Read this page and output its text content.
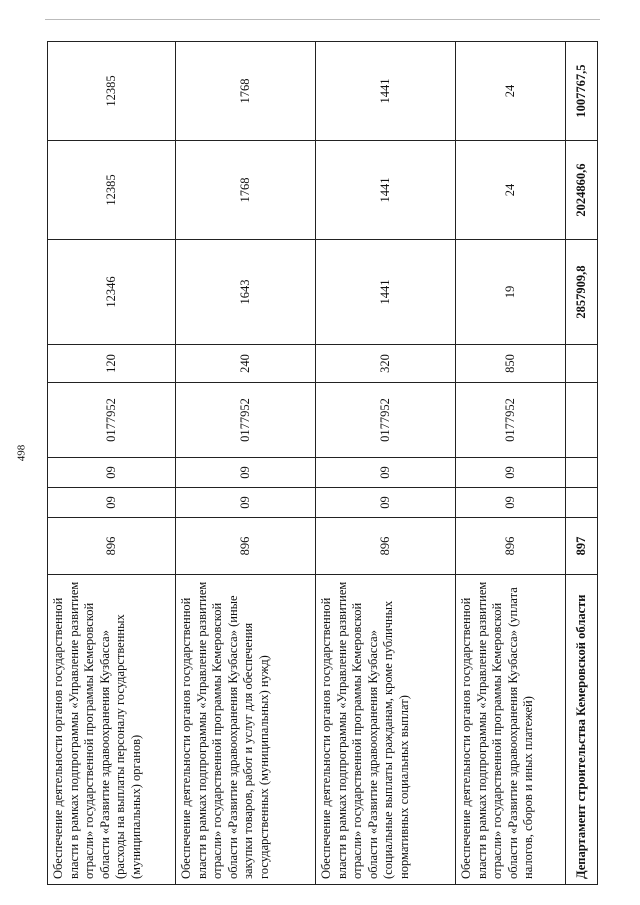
498
Обеспечение деятельности органов государственной власти в рамках подпрограммы «Управление развитием отрасли» государственной программы Кемеровской области «Развитие здравоохранения Кузбасса» (расходы на выплаты персоналу государственных (муниципальных) органов)	896	09	09	0177952	120	12346	12385	12385
Обеспечение деятельности органов государственной власти в рамках подпрограммы «Управление развитием отрасли» государственной программы Кемеровской области «Развитие здравоохранения Кузбасса» (иные закупки товаров, работ и услуг для обеспечения государственных (муниципальных) нужд)	896	09	09	0177952	240	1643	1768	1768
Обеспечение деятельности органов государственной власти в рамках подпрограммы «Управление развитием отрасли» государственной программы Кемеровской области «Развитие здравоохранения Кузбасса» (социальные выплаты гражданам, кроме публичных нормативных социальных выплат)	896	09	09	0177952	320	1441	1441	1441
Обеспечение деятельности органов государственной власти в рамках подпрограммы «Управление развитием отрасли» государственной программы Кемеровской области «Развитие здравоохранения Кузбасса» (уплата налогов, сборов и иных платежей)	896	09	09	0177952	850	19	24	24
Департамент строительства Кемеровской области	897					2857909,8	2024860,6	1007767,5
